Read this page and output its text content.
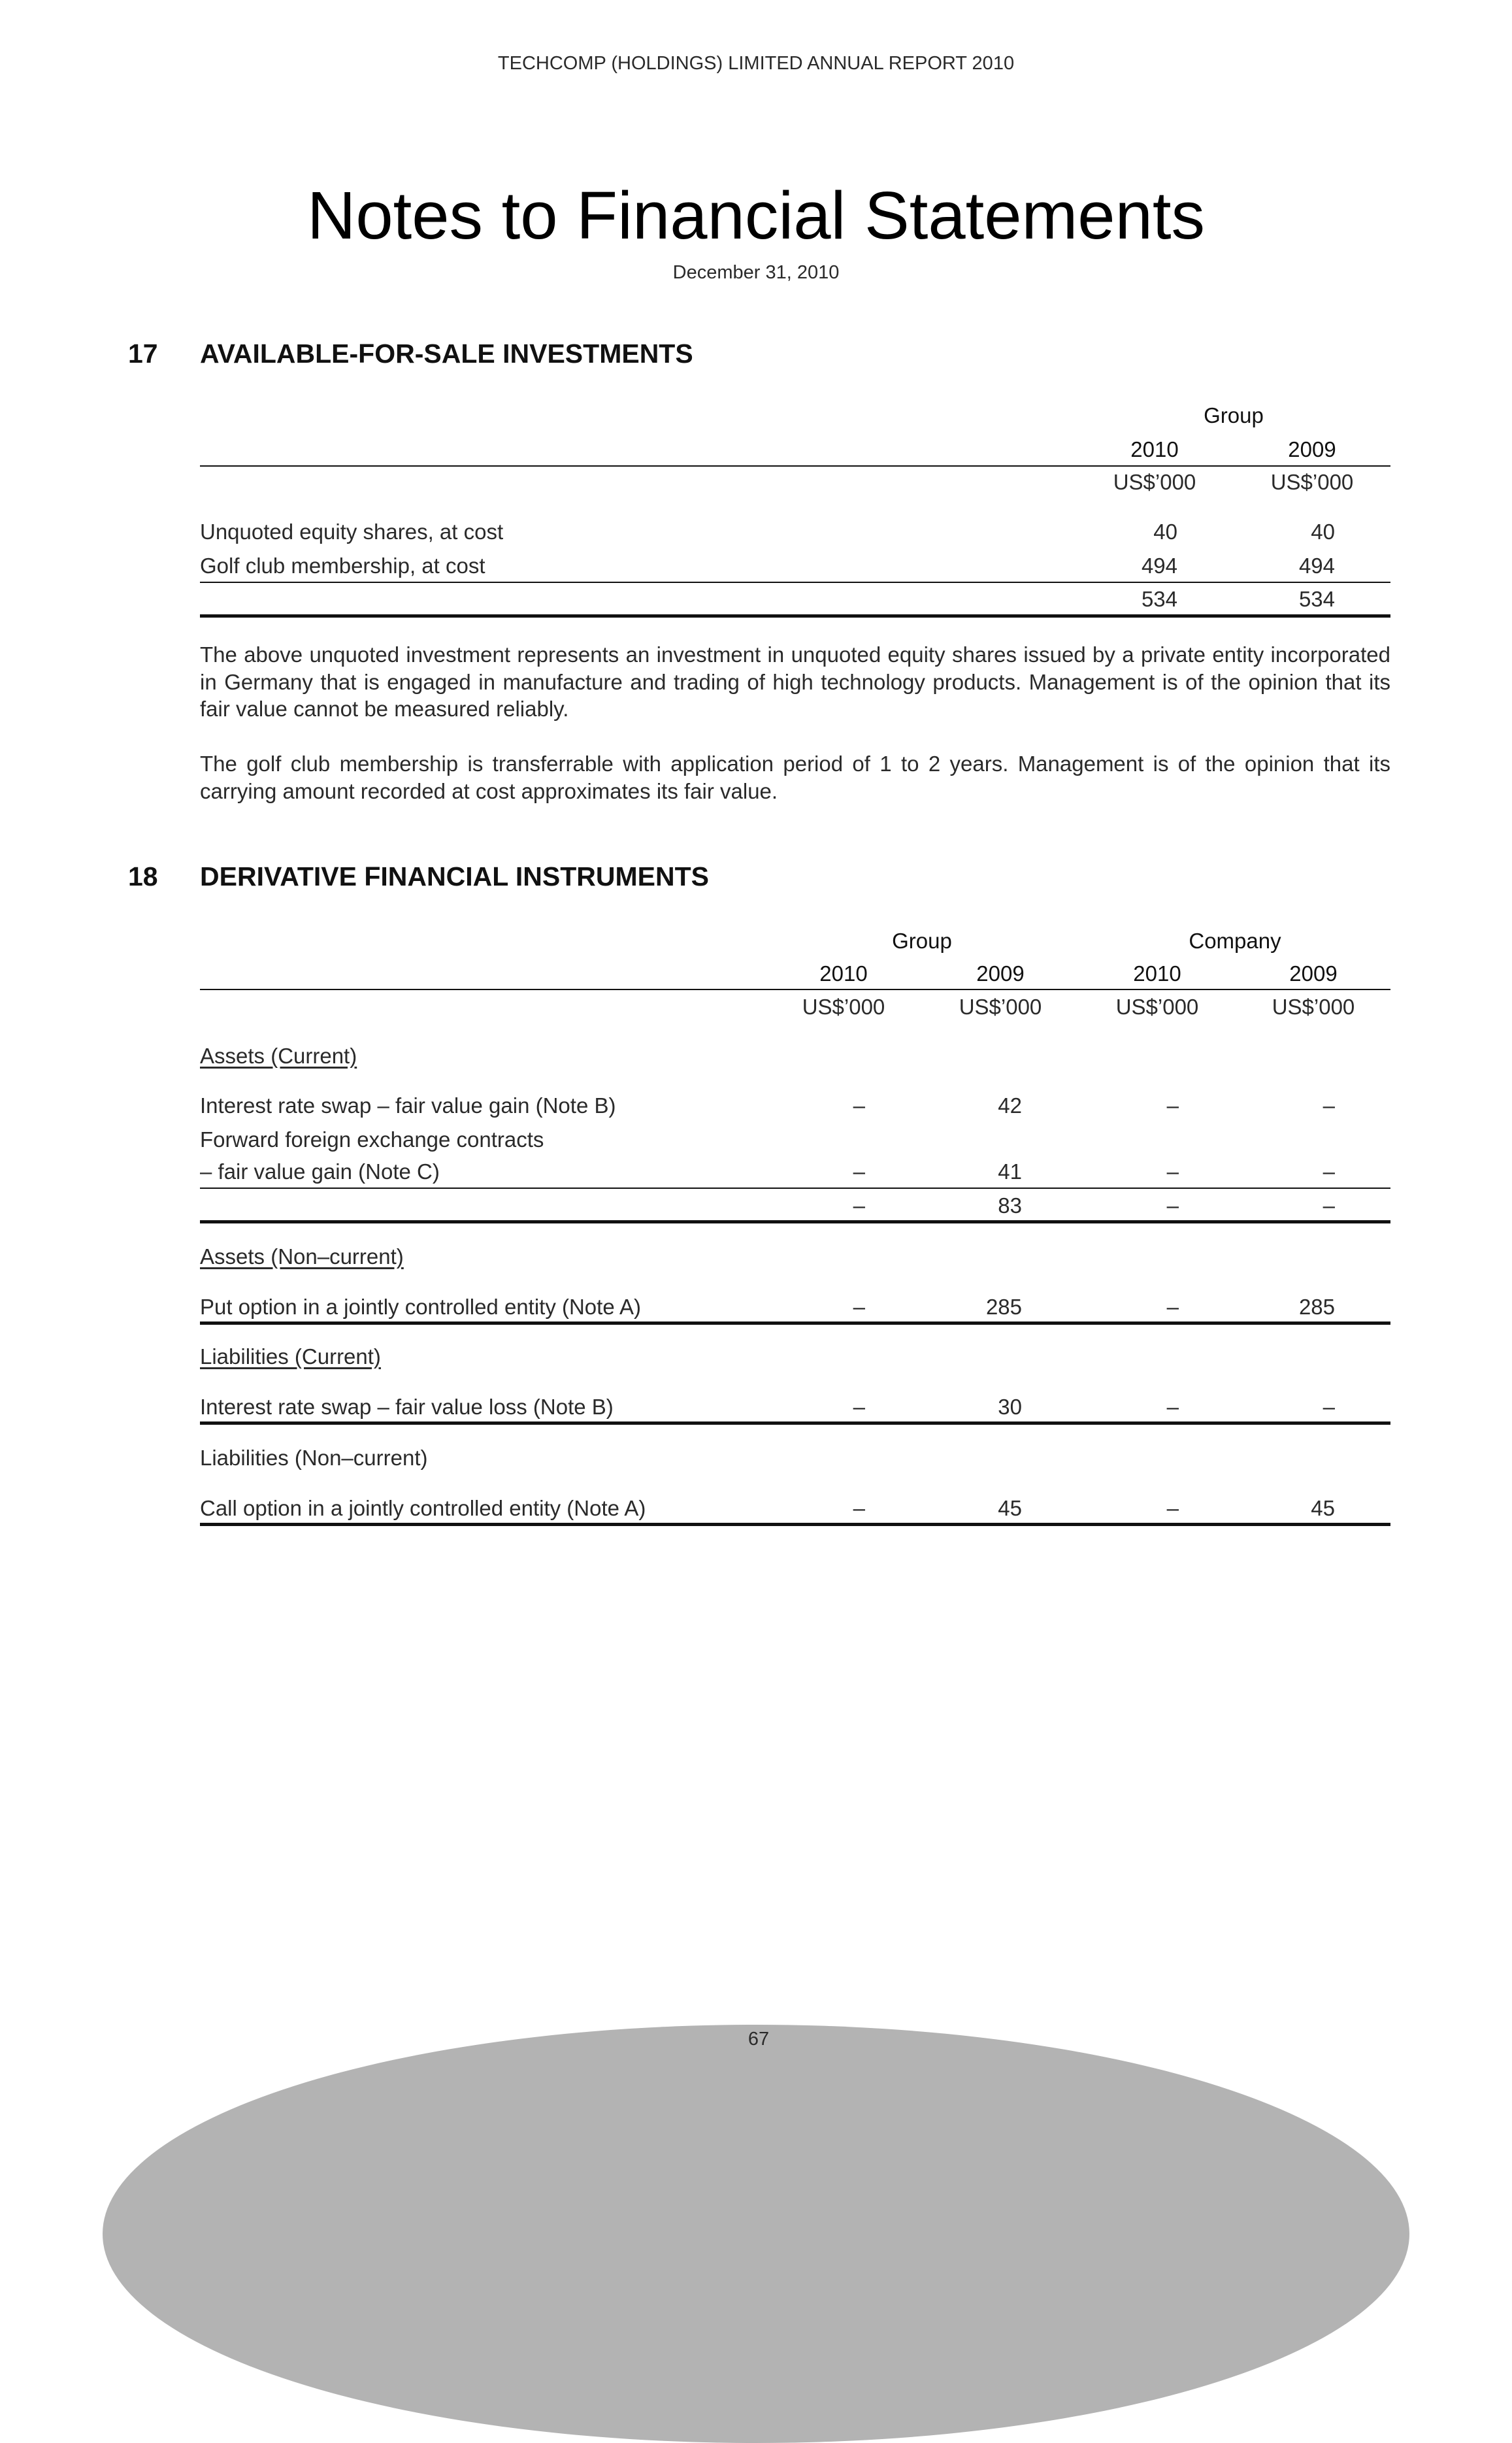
TECHCOMP (HOLDINGS) LIMITED ANNUAL REPORT 2010
Notes to Financial Statements
December 31, 2010
17 AVAILABLE-FOR-SALE INVESTMENTS
Group
2010	2009
US$’000	US$’000
Unquoted equity shares, at cost	40	40
Golf club membership, at cost	494	494
534	534
The above unquoted investment represents an investment in unquoted equity shares issued by a private entity incorporated in Germany that is engaged in manufacture and trading of high technology products. Management is of the opinion that its fair value cannot be measured reliably.
The golf club membership is transferrable with application period of 1 to 2 years. Management is of the opinion that its carrying amount recorded at cost approximates its fair value.
18 DERIVATIVE FINANCIAL INSTRUMENTS
Group	Company
2010	2009	2010	2009
US$’000	US$’000	US$’000	US$’000
Assets (Current)
Interest rate swap – fair value gain (Note B)	–	42	–	–
Forward foreign exchange contracts
– fair value gain (Note C)	–	41	–	–
–	83	–	–
Assets (Non–current)
Put option in a jointly controlled entity (Note A)	–	285	–	285
Liabilities (Current)
Interest rate swap – fair value loss (Note B)	–	30	–	–
Liabilities (Non–current)
Call option in a jointly controlled entity (Note A)	–	45	–	45
67
